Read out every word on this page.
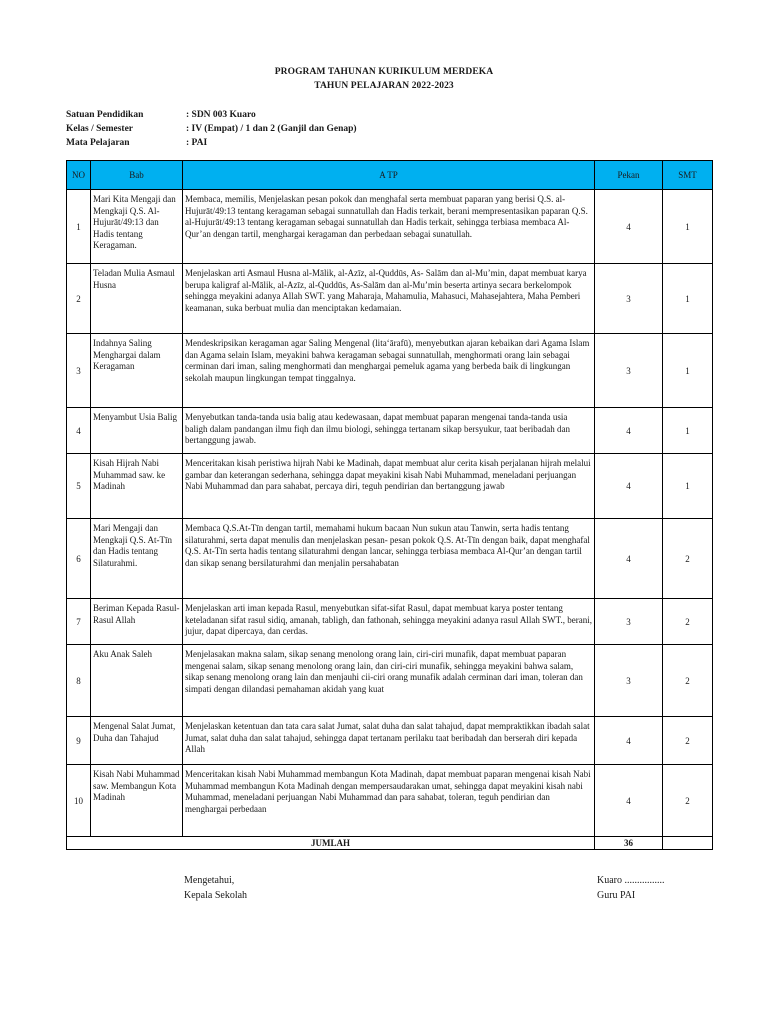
PROGRAM TAHUNAN KURIKULUM MERDEKA
TAHUN PELAJARAN 2022-2023
Satuan Pendidikan	: SDN 003 Kuaro
Kelas / Semester	: IV (Empat) / 1 dan 2 (Ganjil dan Genap)
Mata Pelajaran	: PAI
NO	Bab	A TP	Pekan	SMT
1	Mari Kita Mengaji dan Mengkaji Q.S. Al-Hujurāt/49:13 dan Hadis tentang Keragaman.	Membaca, memilis, Menjelaskan pesan pokok dan menghafal serta membuat paparan yang berisi Q.S. al-Hujurāt/49:13 tentang keragaman sebagai sunnatullah dan Hadis terkait, berani mempresentasikan paparan Q.S. al-Hujurāt/49:13 tentang keragaman sebagai sunnatullah dan Hadis terkait, sehingga terbiasa membaca Al-Qur’an dengan tartil, menghargai keragaman dan perbedaan sebagai sunatullah.	4	1
2	Teladan Mulia Asmaul Husna	Menjelaskan arti Asmaul Husna al-Mālik, al-Azīz, al-Quddūs, As- Salām dan al-Mu’min, dapat membuat karya berupa kaligraf al-Mālik, al-Azīz, al-Quddūs, As-Salām dan al-Mu’min beserta artinya secara berkelompok sehingga meyakini adanya Allah SWT. yang Maharaja, Mahamulia, Mahasuci, Mahasejahtera, Maha Pemberi keamanan, suka berbuat mulia dan menciptakan kedamaian.	3	1
3	Indahnya Saling Menghargai dalam Keragaman	Mendeskripsikan keragaman agar Saling Mengenal (lita‘ārafū), menyebutkan ajaran kebaikan dari Agama Islam dan Agama selain Islam, meyakini bahwa keragaman sebagai sunnatullah, menghormati orang lain sebagai cerminan dari iman, saling menghormati dan menghargai pemeluk agama yang berbeda baik di lingkungan sekolah maupun lingkungan tempat tinggalnya.	3	1
4	Menyambut Usia Balig	Menyebutkan tanda-tanda usia balig atau kedewasaan, dapat membuat paparan mengenai tanda-tanda usia baligh dalam pandangan ilmu fiqh dan ilmu biologi, sehingga tertanam sikap bersyukur, taat beribadah dan bertanggung jawab.	4	1
5	Kisah Hijrah Nabi Muhammad saw. ke Madinah	Menceritakan kisah peristiwa hijrah Nabi ke Madinah, dapat membuat alur cerita kisah perjalanan hijrah melalui gambar dan keterangan sederhana, sehingga dapat meyakini kisah Nabi Muhammad, meneladani perjuangan Nabi Muhammad dan para sahabat, percaya diri, teguh pendirian dan bertanggung jawab	4	1
6	Mari Mengaji dan Mengkaji Q.S. At-Tīn dan Hadis tentang Silaturahmi.	Membaca Q.S.At-Tīn dengan tartil, memahami hukum bacaan Nun sukun atau Tanwin, serta hadis tentang silaturahmi, serta dapat menulis dan menjelaskan pesan- pesan pokok Q.S. At-Tīn dengan baik, dapat menghafal Q.S. At-Tīn serta hadis tentang silaturahmi dengan lancar, sehingga terbiasa membaca Al-Qur’an dengan tartil dan sikap senang bersilaturahmi dan menjalin persahabatan	4	2
7	Beriman Kepada Rasul-Rasul Allah	Menjelaskan arti iman kepada Rasul, menyebutkan sifat-sifat Rasul, dapat membuat karya poster tentang keteladanan sifat rasul sidiq, amanah, tabligh, dan fathonah, sehingga meyakini adanya rasul Allah SWT., berani, jujur, dapat dipercaya, dan cerdas.	3	2
8	Aku Anak Saleh	Menjelasakan makna salam, sikap senang menolong orang lain, ciri-ciri munafik, dapat membuat paparan mengenai salam, sikap senang menolong orang lain, dan ciri-ciri munafik, sehingga meyakini bahwa salam, sikap senang menolong orang lain dan menjauhi cii-ciri orang munafik adalah cerminan dari iman, toleran dan simpati dengan dilandasi pemahaman akidah yang kuat	3	2
9	Mengenal Salat Jumat, Duha dan Tahajud	Menjelaskan ketentuan dan tata cara salat Jumat, salat duha dan salat tahajud, dapat mempraktikkan ibadah salat Jumat, salat duha dan salat tahajud, sehingga dapat tertanam perilaku taat beribadah dan berserah diri kepada Allah	4	2
10	Kisah Nabi Muhammad saw. Membangun Kota Madinah	Menceritakan kisah Nabi Muhammad membangun Kota Madinah, dapat membuat paparan mengenai kisah Nabi Muhammad membangun Kota Madinah dengan mempersaudarakan umat, sehingga dapat meyakini kisah nabi Muhammad, meneladani perjuangan Nabi Muhammad dan para sahabat, toleran, teguh pendirian dan menghargai perbedaan	4	2
JUMLAH			36	
Mengetahui,
Kepala Sekolah
Kuaro ................
Guru PAI
